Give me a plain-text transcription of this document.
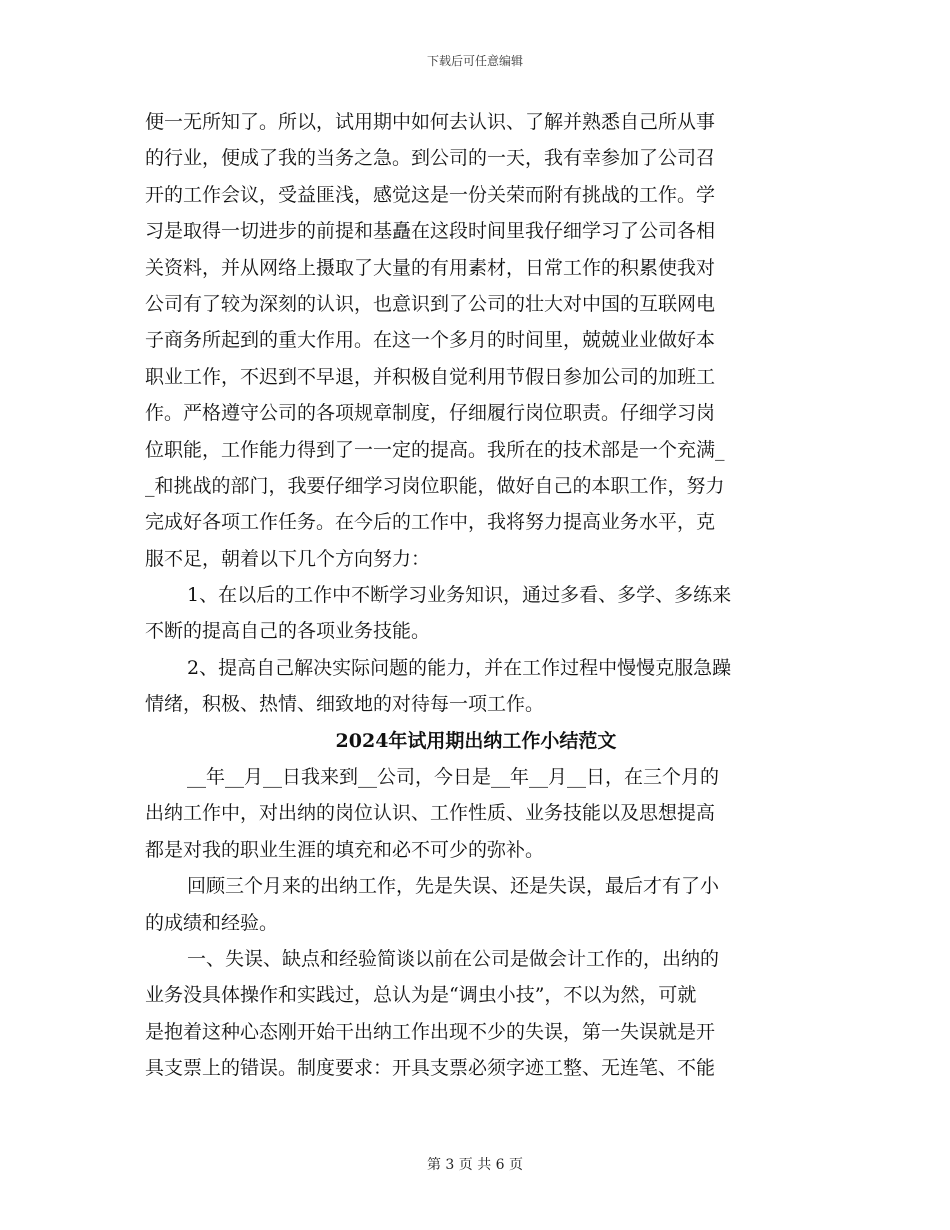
下载后可任意编辑
便一无所知了。所以，试用期中如何去认识、了解并熟悉自己所从事
的行业，便成了我的当务之急。到公司的一天，我有幸参加了公司召
开的工作会议，受益匪浅，感觉这是一份关荣而附有挑战的工作。学
习是取得一切进步的前提和基矗在这段时间里我仔细学习了公司各相
关资料，并从网络上摄取了大量的有用素材，日常工作的积累使我对
公司有了较为深刻的认识，也意识到了公司的壮大对中国的互联网电
子商务所起到的重大作用。在这一个多月的时间里，兢兢业业做好本
职业工作，不迟到不早退，并积极自觉利用节假日参加公司的加班工
作。严格遵守公司的各项规章制度，仔细履行岗位职责。仔细学习岗
位职能，工作能力得到了一一定的提高。我所在的技术部是一个充满_
_和挑战的部门，我要仔细学习岗位职能，做好自己的本职工作，努力
完成好各项工作任务。在今后的工作中，我将努力提高业务水平，克
服不足，朝着以下几个方向努力：
1、在以后的工作中不断学习业务知识，通过多看、多学、多练来
不断的提高自己的各项业务技能。
2、提高自己解决实际问题的能力，并在工作过程中慢慢克服急躁
情绪，积极、热情、细致地的对待每一项工作。
2024年试用期出纳工作小结范文
__年__月__日我来到__公司，今日是__年__月__日，在三个月的
出纳工作中，对出纳的岗位认识、工作性质、业务技能以及思想提高
都是对我的职业生涯的填充和必不可少的弥补。
回顾三个月来的出纳工作，先是失误、还是失误，最后才有了小
的成绩和经验。
一、失误、缺点和经验简谈以前在公司是做会计工作的，出纳的
业务没具体操作和实践过，总认为是“调虫小技”，不以为然，可就
是抱着这种心态刚开始干出纳工作出现不少的失误，第一失误就是开
具支票上的错误。制度要求：开具支票必须字迹工整、无连笔、不能
第 3 页 共 6 页
